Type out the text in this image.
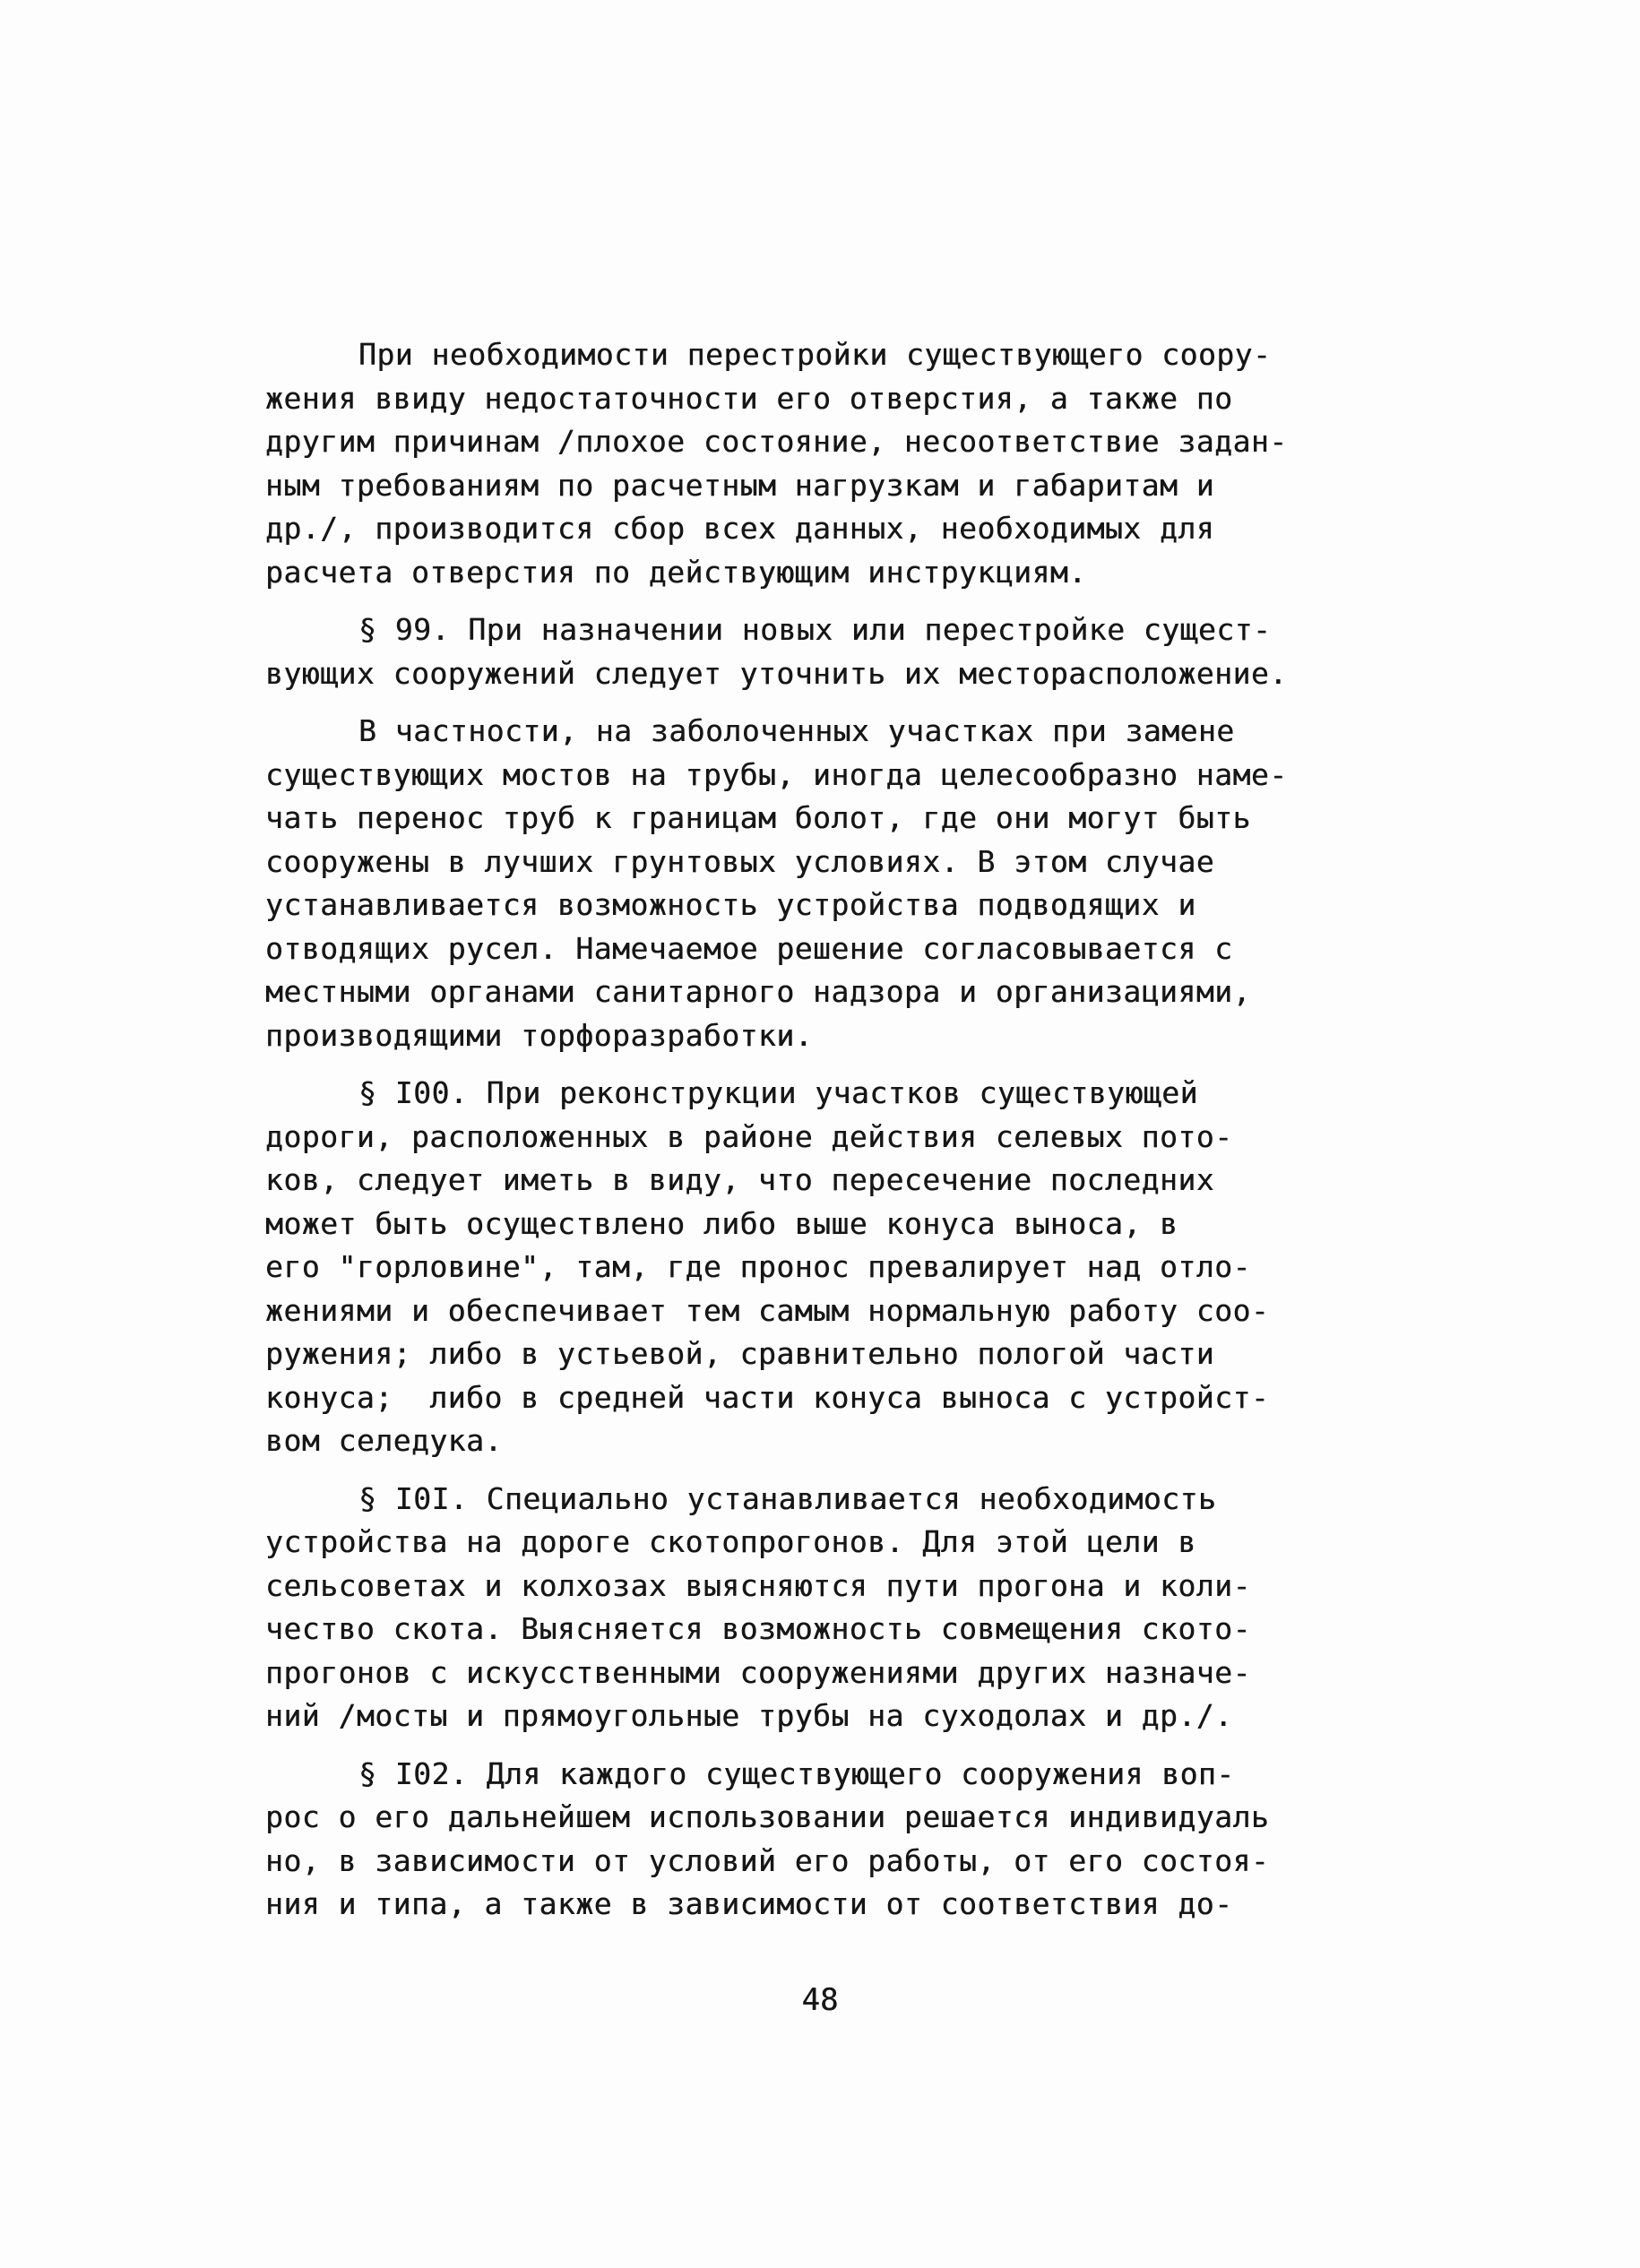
При необходимости перестройки существующего соору-
жения ввиду недостаточности его отверстия, а также по
другим причинам /плохое состояние, несоответствие задан-
ным требованиям по расчетным нагрузкам и габаритам и
др./, производится сбор всех данных, необходимых для
расчета отверстия по действующим инструкциям.
§ 99. При назначении новых или перестройке сущест-
вующих сооружений следует уточнить их месторасположение.
В частности, на заболоченных участках при замене
существующих мостов на трубы, иногда целесообразно намe-
чать перенос труб к границам болот, где они могут быть
сооружены в лучших грунтовых условиях. В этом случае
устанавливается возможность устройства подводящих и
отводящих русел. Намечаемое решение согласовывается с
местными органами санитарного надзора и организациями,
производящими торфоразработки.
§ I00. При реконструкции участков существующей
дороги, расположенных в районе действия селевых пото-
ков, следует иметь в виду, что пересечение последних
может быть осуществлено либо выше конуса выноса, в
его "горловине", там, где пронос превалирует над отло-
жениями и обеспечивает тем самым нормальную работу соо-
ружения; либо в устьевой, сравнительно пологой части
конуса;  либо в средней части конуса выноса с устройст-
вом селедука.
§ I0I. Специально устанавливается необходимость
устройства на дороге скотопрогонов. Для этой цели в
сельсоветах и колхозах выясняются пути прогона и коли-
чество скота. Выясняется возможность совмещения ското-
прогонов с искусственными сооружениями других назначе-
ний /мосты и прямоугольные трубы на суходолах и др./.
§ I02. Для каждого существующего сооружения воп-
рос о его дальнейшем использовании решается индивидуаль
но, в зависимости от условий его работы, от его состоя-
ния и типа, а также в зависимости от соответствия до-
48
